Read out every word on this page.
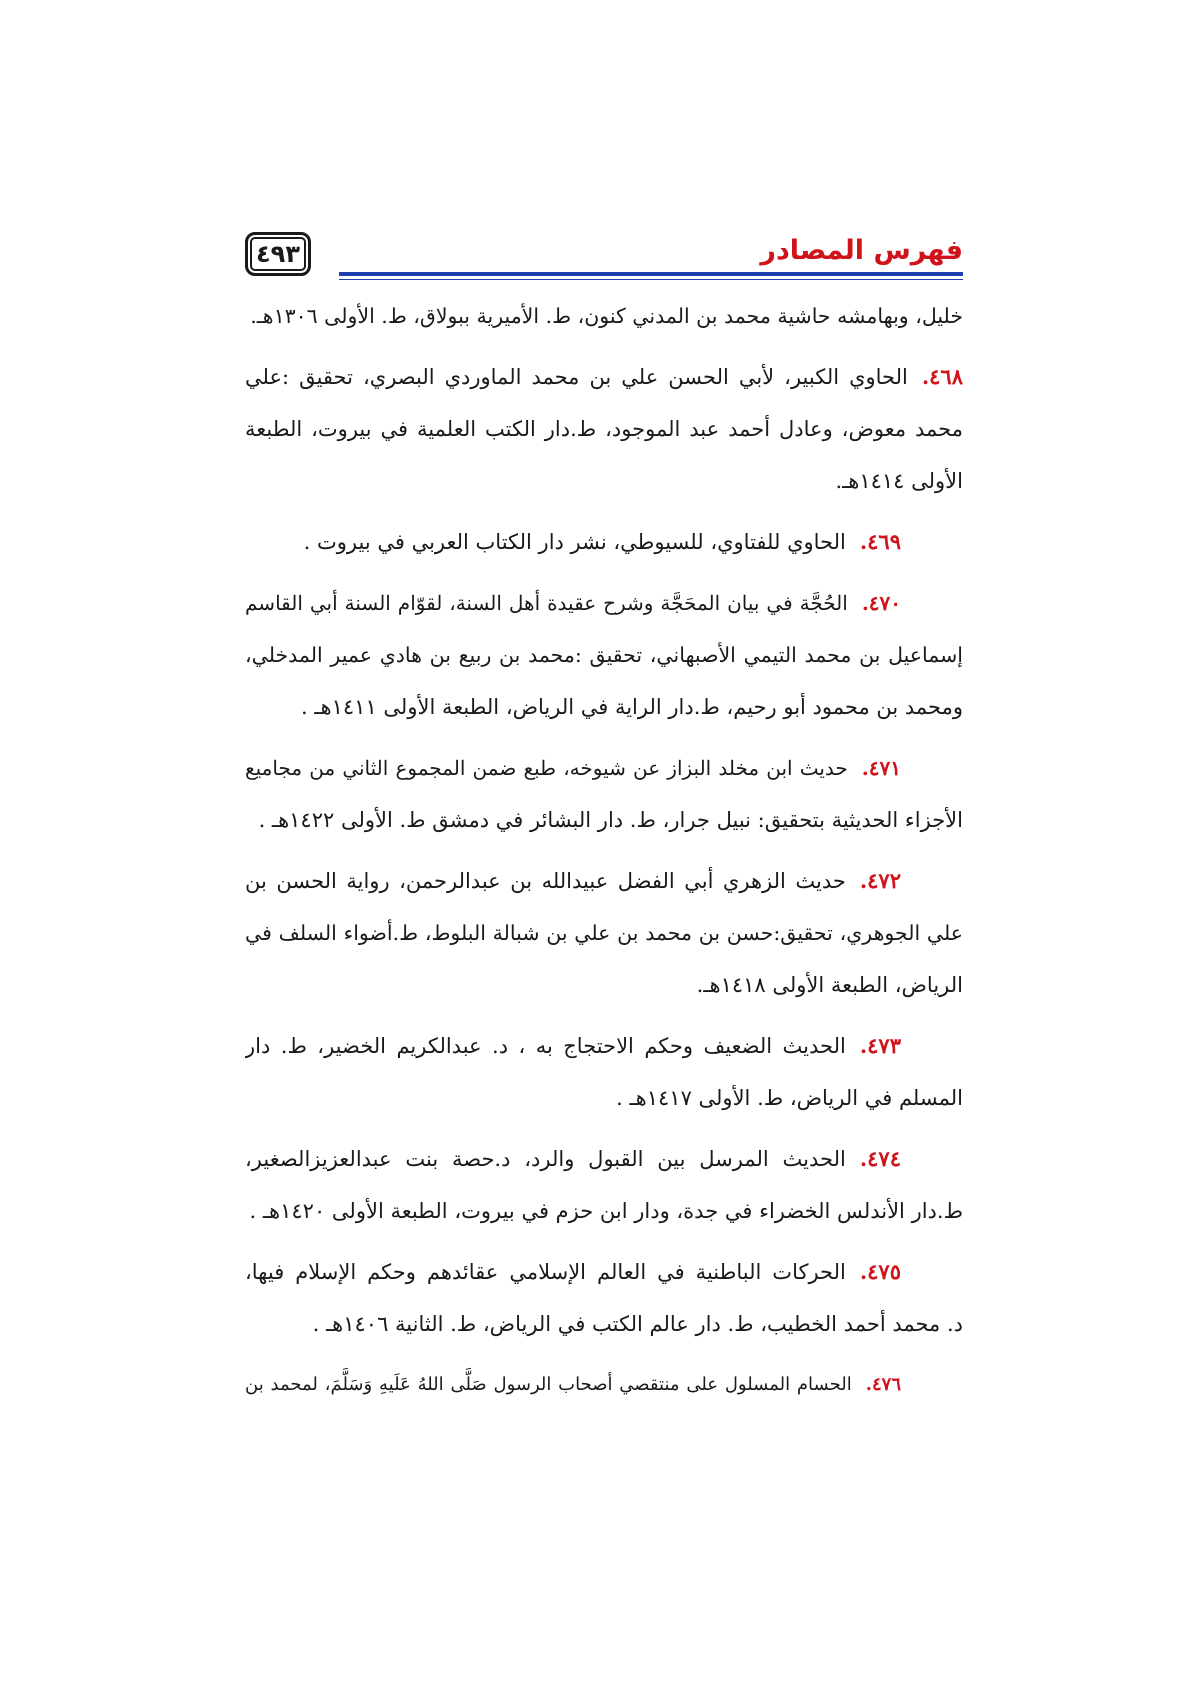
٤٩٣	فهرس المصادر
خليل، وبهامشه حاشية محمد بن المدني كنون، ط. الأميرية ببولاق، ط. الأولى ١٣٠٦هـ.
٤٦٨.الحاوي الكبير، لأبي الحسن علي بن محمد الماوردي البصري، تحقيق :علي
محمد معوض، وعادل أحمد عبد الموجود، ط.دار الكتب العلمية في بيروت، الطبعة
الأولى ١٤١٤هـ.
٤٦٩.الحاوي للفتاوي، للسيوطي، نشر دار الكتاب العربي في بيروت .
٤٧٠.الحُجَّة في بيان المحَجَّة وشرح عقيدة أهل السنة، لقوّام السنة أبي القاسم
إسماعيل بن محمد التيمي الأصبهاني، تحقيق :محمد بن ربيع بن هادي عمير المدخلي،
ومحمد بن محمود أبو رحيم، ط.دار الراية في الرياض، الطبعة الأولى ١٤١١هـ .
٤٧١.حديث ابن مخلد البزاز عن شيوخه، طبع ضمن المجموع الثاني من مجاميع
الأجزاء الحديثية بتحقيق: نبيل جرار، ط. دار البشائر في دمشق ط. الأولى ١٤٢٢هـ .
٤٧٢.حديث الزهري أبي الفضل عبيدالله بن عبدالرحمن، رواية الحسن بن
علي الجوهري، تحقيق:حسن بن محمد بن علي بن شبالة البلوط، ط.أضواء السلف في
الرياض، الطبعة الأولى ١٤١٨هـ.
٤٧٣.الحديث الضعيف وحكم الاحتجاج به ، د. عبدالكريم الخضير، ط. دار
المسلم في الرياض، ط. الأولى ١٤١٧هـ .
٤٧٤.الحديث المرسل بين القبول والرد، د.حصة بنت عبدالعزيزالصغير،
ط.دار الأندلس الخضراء في جدة، ودار ابن حزم في بيروت، الطبعة الأولى ١٤٢٠هـ .
٤٧٥.الحركات الباطنية في العالم الإسلامي عقائدهم وحكم الإسلام فيها،
د. محمد أحمد الخطيب، ط. دار عالم الكتب في الرياض، ط. الثانية ١٤٠٦هـ .
٤٧٦.الحسام المسلول على منتقصي أصحاب الرسول صَلَّى اللهُ عَلَيهِ وَسَلَّمَ، لمحمد بن
